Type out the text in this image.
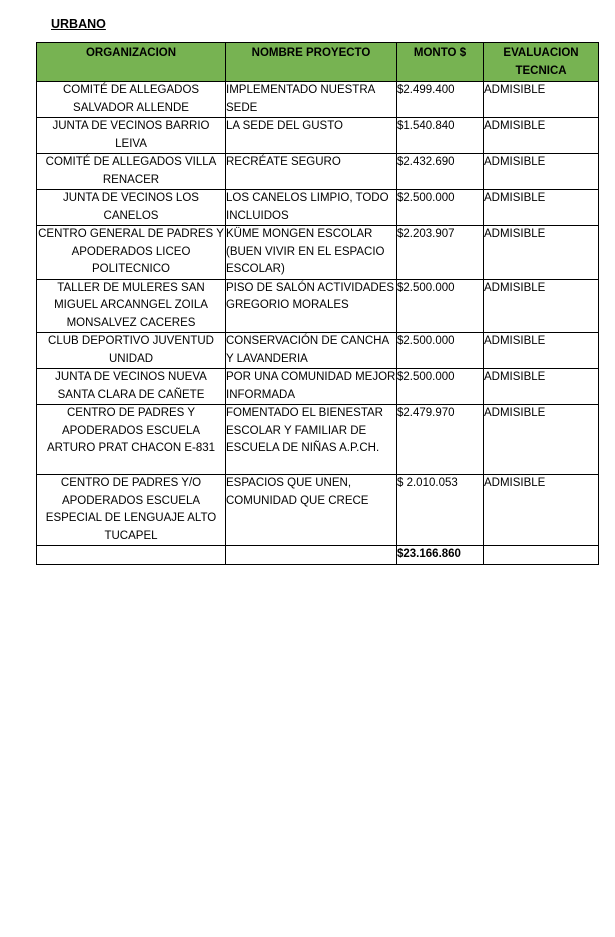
URBANO
ORGANIZACION	NOMBRE PROYECTO	MONTO $	EVALUACION TECNICA
COMITÉ DE ALLEGADOS SALVADOR ALLENDE	IMPLEMENTADO NUESTRA SEDE	$2.499.400	ADMISIBLE
JUNTA DE VECINOS BARRIO LEIVA	LA SEDE DEL GUSTO	$1.540.840	ADMISIBLE
COMITÉ DE ALLEGADOS VILLA RENACER	RECRÉATE SEGURO	$2.432.690	ADMISIBLE
JUNTA DE VECINOS LOS CANELOS	LOS CANELOS LIMPIO, TODO INCLUIDOS	$2.500.000	ADMISIBLE
CENTRO GENERAL DE PADRES Y APODERADOS LICEO POLITECNICO	KÜME MONGEN ESCOLAR (BUEN VIVIR EN EL ESPACIO ESCOLAR)	$2.203.907	ADMISIBLE
TALLER DE MULERES SAN MIGUEL ARCANNGEL ZOILA MONSALVEZ CACERES	PISO DE SALÓN ACTIVIDADES GREGORIO MORALES	$2.500.000	ADMISIBLE
CLUB DEPORTIVO JUVENTUD UNIDAD	CONSERVACIÓN DE CANCHA Y LAVANDERIA	$2.500.000	ADMISIBLE
JUNTA DE VECINOS NUEVA SANTA CLARA DE CAÑETE	POR UNA COMUNIDAD MEJOR INFORMADA	$2.500.000	ADMISIBLE
CENTRO DE PADRES Y APODERADOS ESCUELA ARTURO PRAT CHACON E-831	FOMENTADO EL BIENESTAR ESCOLAR Y FAMILIAR DE ESCUELA DE NIÑAS A.P.CH.	$2.479.970	ADMISIBLE
CENTRO DE PADRES Y/O APODERADOS ESCUELA ESPECIAL DE LENGUAJE ALTO TUCAPEL	ESPACIOS QUE UNEN, COMUNIDAD QUE CRECE	$ 2.010.053	ADMISIBLE
		$23.166.860	
